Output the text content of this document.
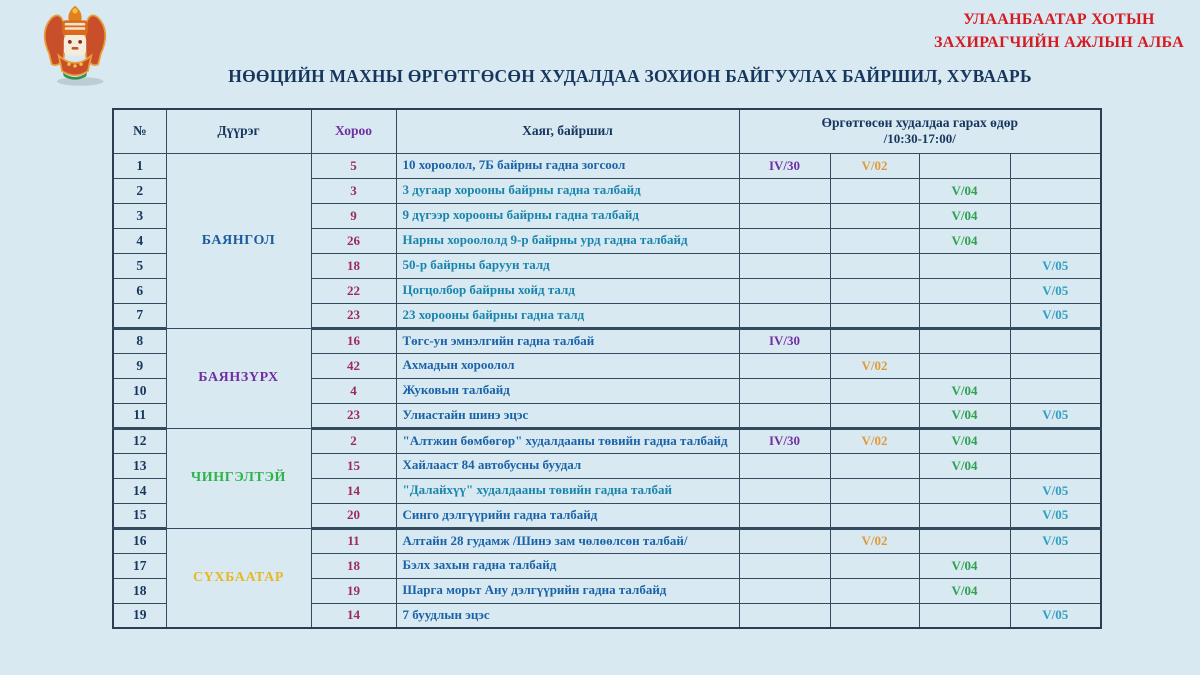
УЛААНБААТАР ХОТЫН
ЗАХИРАГЧИЙН АЖЛЫН АЛБА
НӨӨЦИЙН МАХНЫ ӨРГӨТГӨСӨН ХУДАЛДАА ЗОХИОН БАЙГУУЛАХ БАЙРШИЛ, ХУВААРЬ
№	Дүүрэг	Хороо	Хаяг, байршил	Өргөтгөсөн худалдаа гарах өдөр
/10:30-17:00/			

1	БАЯНГОЛ	5	10 хороолол, 7Б байрны гадна зогсоол	IV/30	V/02		
2		3	3 дугаар хорооны байрны гадна талбайд			V/04	
3		9	9 дүгээр хорооны байрны гадна талбайд			V/04	
4		26	Нарны хороололд 9-р байрны урд гадна талбайд			V/04	
5		18	50-р байрны баруун талд				V/05
6		22	Цогцолбор байрны хойд талд				V/05
7		23	23 хорооны байрны гадна талд				V/05
8	БАЯНЗҮРХ	16	Төгс-ун эмнэлгийн гадна талбай	IV/30			
9		42	Ахмадын хороолол		V/02		
10		4	Жуковын талбайд			V/04	
11		23	Улиастайн шинэ эцэс			V/04	V/05
12	ЧИНГЭЛТЭЙ	2	"Алтжин бөмбөгөр" худалдааны төвийн гадна талбайд	IV/30	V/02	V/04	
13		15	Хайлааст 84 автобусны буудал			V/04	
14		14	"Далайхүү" худалдааны төвийн гадна талбай				V/05
15		20	Синго дэлгүүрийн гадна талбайд				V/05
16	СҮХБААТАР	11	Алтайн 28 гудамж /Шинэ зам чөлөөлсөн талбай/		V/02		V/05
17		18	Бэлх захын гадна талбайд			V/04	
18		19	Шарга морьт Ану дэлгүүрийн гадна талбайд			V/04	
19		14	7 буудлын эцэс				V/05
